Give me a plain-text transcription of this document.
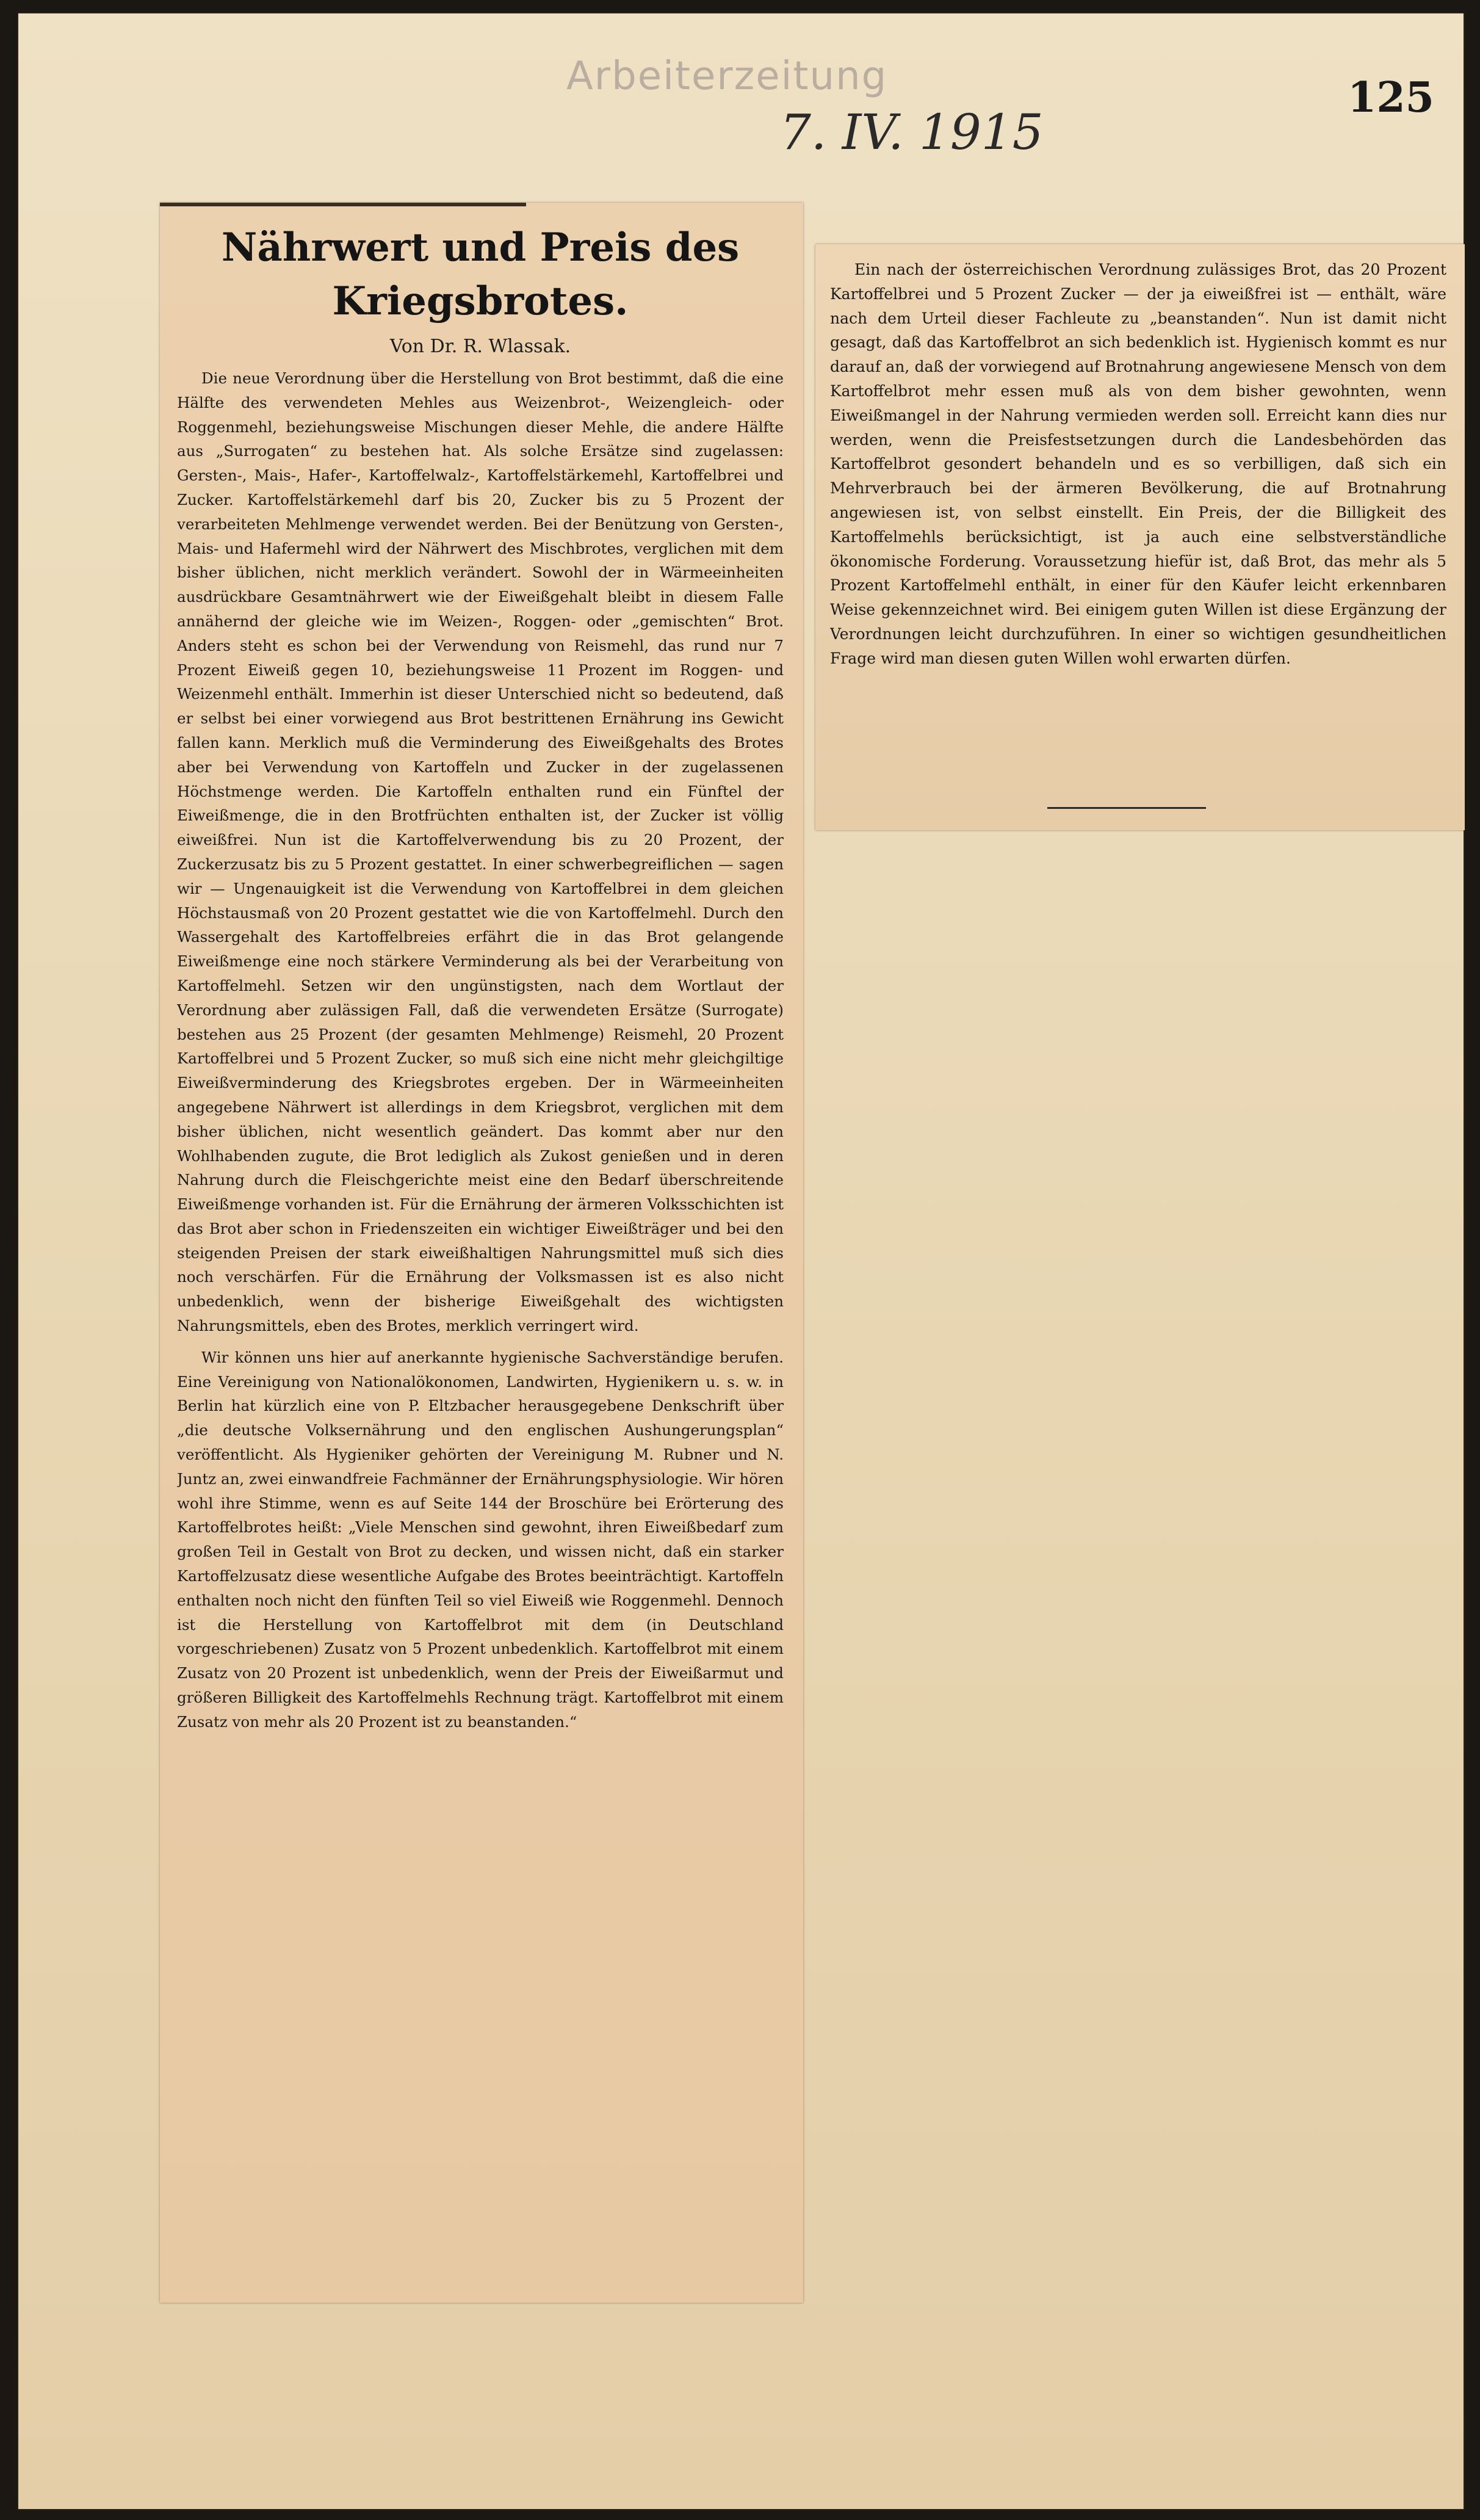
Arbeiterzeitung
7. IV. 1915
125
Nährwert und Preis des Kriegsbrotes.
Von Dr. R. Wlassak.

Die neue Verordnung über die Herstellung von Brot bestimmt, daß die eine Hälfte des verwendeten Mehles aus Weizenbrot-, Weizengleich- oder Roggenmehl, beziehungsweise Mischungen dieser Mehle, die andere Hälfte aus „Surrogaten“ zu bestehen hat. Als solche Ersätze sind zugelassen: Gersten-, Mais-, Hafer-, Kartoffelwalz-, Kartoffelstärkemehl, Kartoffelbrei und Zucker. Kartoffelstärkemehl darf bis 20, Zucker bis zu 5 Prozent der verarbeiteten Mehlmenge verwendet werden. Bei der Benützung von Gersten-, Mais- und Hafermehl wird der Nährwert des Mischbrotes, verglichen mit dem bisher üblichen, nicht merklich verändert. Sowohl der in Wärmeeinheiten ausdrückbare Gesamtnährwert wie der Eiweißgehalt bleibt in diesem Falle annähernd der gleiche wie im Weizen-, Roggen- oder „gemischten“ Brot. Anders steht es schon bei der Verwendung von Reismehl, das rund nur 7 Prozent Eiweiß gegen 10, beziehungsweise 11 Prozent im Roggen- und Weizenmehl enthält. Immerhin ist dieser Unterschied nicht so bedeutend, daß er selbst bei einer vorwiegend aus Brot bestrittenen Ernährung ins Gewicht fallen kann. Merklich muß die Verminderung des Eiweißgehalts des Brotes aber bei Verwendung von Kartoffeln und Zucker in der zugelassenen Höchstmenge werden. Die Kartoffeln enthalten rund ein Fünftel der Eiweißmenge, die in den Brotfrüchten enthalten ist, der Zucker ist völlig eiweißfrei. Nun ist die Kartoffelverwendung bis zu 20 Prozent, der Zuckerzusatz bis zu 5 Prozent gestattet. In einer schwerbegreiflichen — sagen wir — Ungenauigkeit ist die Verwendung von Kartoffelbrei in dem gleichen Höchstausmaß von 20 Prozent gestattet wie die von Kartoffelmehl. Durch den Wassergehalt des Kartoffelbreies erfährt die in das Brot gelangende Eiweißmenge eine noch stärkere Verminderung als bei der Verarbeitung von Kartoffelmehl. Setzen wir den ungünstigsten, nach dem Wortlaut der Verordnung aber zulässigen Fall, daß die verwendeten Ersätze (Surrogate) bestehen aus 25 Prozent (der gesamten Mehlmenge) Reismehl, 20 Prozent Kartoffelbrei und 5 Prozent Zucker, so muß sich eine nicht mehr gleichgiltige Eiweißverminderung des Kriegsbrotes ergeben. Der in Wärmeeinheiten angegebene Nährwert ist allerdings in dem Kriegsbrot, verglichen mit dem bisher üblichen, nicht wesentlich geändert. Das kommt aber nur den Wohlhabenden zugute, die Brot lediglich als Zukost genießen und in deren Nahrung durch die Fleischgerichte meist eine den Bedarf überschreitende Eiweißmenge vorhanden ist. Für die Ernährung der ärmeren Volksschichten ist das Brot aber schon in Friedenszeiten ein wichtiger Eiweißträger und bei den steigenden Preisen der stark eiweißhaltigen Nahrungsmittel muß sich dies noch verschärfen. Für die Ernährung der Volksmassen ist es also nicht unbedenklich, wenn der bisherige Eiweißgehalt des wichtigsten Nahrungsmittels, eben des Brotes, merklich verringert wird.

Wir können uns hier auf anerkannte hygienische Sachverständige berufen. Eine Vereinigung von Nationalökonomen, Landwirten, Hygienikern u. s. w. in Berlin hat kürzlich eine von P. Eltzbacher herausgegebene Denkschrift über „die deutsche Volksernährung und den englischen Aushungerungsplan“ veröffentlicht. Als Hygieniker gehörten der Vereinigung M. Rubner und N. Juntz an, zwei einwandfreie Fachmänner der Ernährungsphysiologie. Wir hören wohl ihre Stimme, wenn es auf Seite 144 der Broschüre bei Erörterung des Kartoffelbrotes heißt: „Viele Menschen sind gewohnt, ihren Eiweißbedarf zum großen Teil in Gestalt von Brot zu decken, und wissen nicht, daß ein starker Kartoffelzusatz diese wesentliche Aufgabe des Brotes beeinträchtigt. Kartoffeln enthalten noch nicht den fünften Teil so viel Eiweiß wie Roggenmehl. Dennoch ist die Herstellung von Kartoffelbrot mit dem (in Deutschland vorgeschriebenen) Zusatz von 5 Prozent unbedenklich. Kartoffelbrot mit einem Zusatz von 20 Prozent ist unbedenklich, wenn der Preis der Eiweißarmut und größeren Billigkeit des Kartoffelmehls Rechnung trägt. Kartoffelbrot mit einem Zusatz von mehr als 20 Prozent ist zu beanstanden.“

Ein nach der österreichischen Verordnung zulässiges Brot, das 20 Prozent Kartoffelbrei und 5 Prozent Zucker — der ja eiweißfrei ist — enthält, wäre nach dem Urteil dieser Fachleute zu „beanstanden“. Nun ist damit nicht gesagt, daß das Kartoffelbrot an sich bedenklich ist. Hygienisch kommt es nur darauf an, daß der vorwiegend auf Brotnahrung angewiesene Mensch von dem Kartoffelbrot mehr essen muß als von dem bisher gewohnten, wenn Eiweißmangel in der Nahrung vermieden werden soll. Erreicht kann dies nur werden, wenn die Preisfestsetzungen durch die Landesbehörden das Kartoffelbrot gesondert behandeln und es so verbilligen, daß sich ein Mehrverbrauch bei der ärmeren Bevölkerung, die auf Brotnahrung angewiesen ist, von selbst einstellt. Ein Preis, der die Billigkeit des Kartoffelmehls berücksichtigt, ist ja auch eine selbstverständliche ökonomische Forderung. Voraussetzung hiefür ist, daß Brot, das mehr als 5 Prozent Kartoffelmehl enthält, in einer für den Käufer leicht erkennbaren Weise gekennzeichnet wird. Bei einigem guten Willen ist diese Ergänzung der Verordnungen leicht durchzuführen. In einer so wichtigen gesundheitlichen Frage wird man diesen guten Willen wohl erwarten dürfen.
